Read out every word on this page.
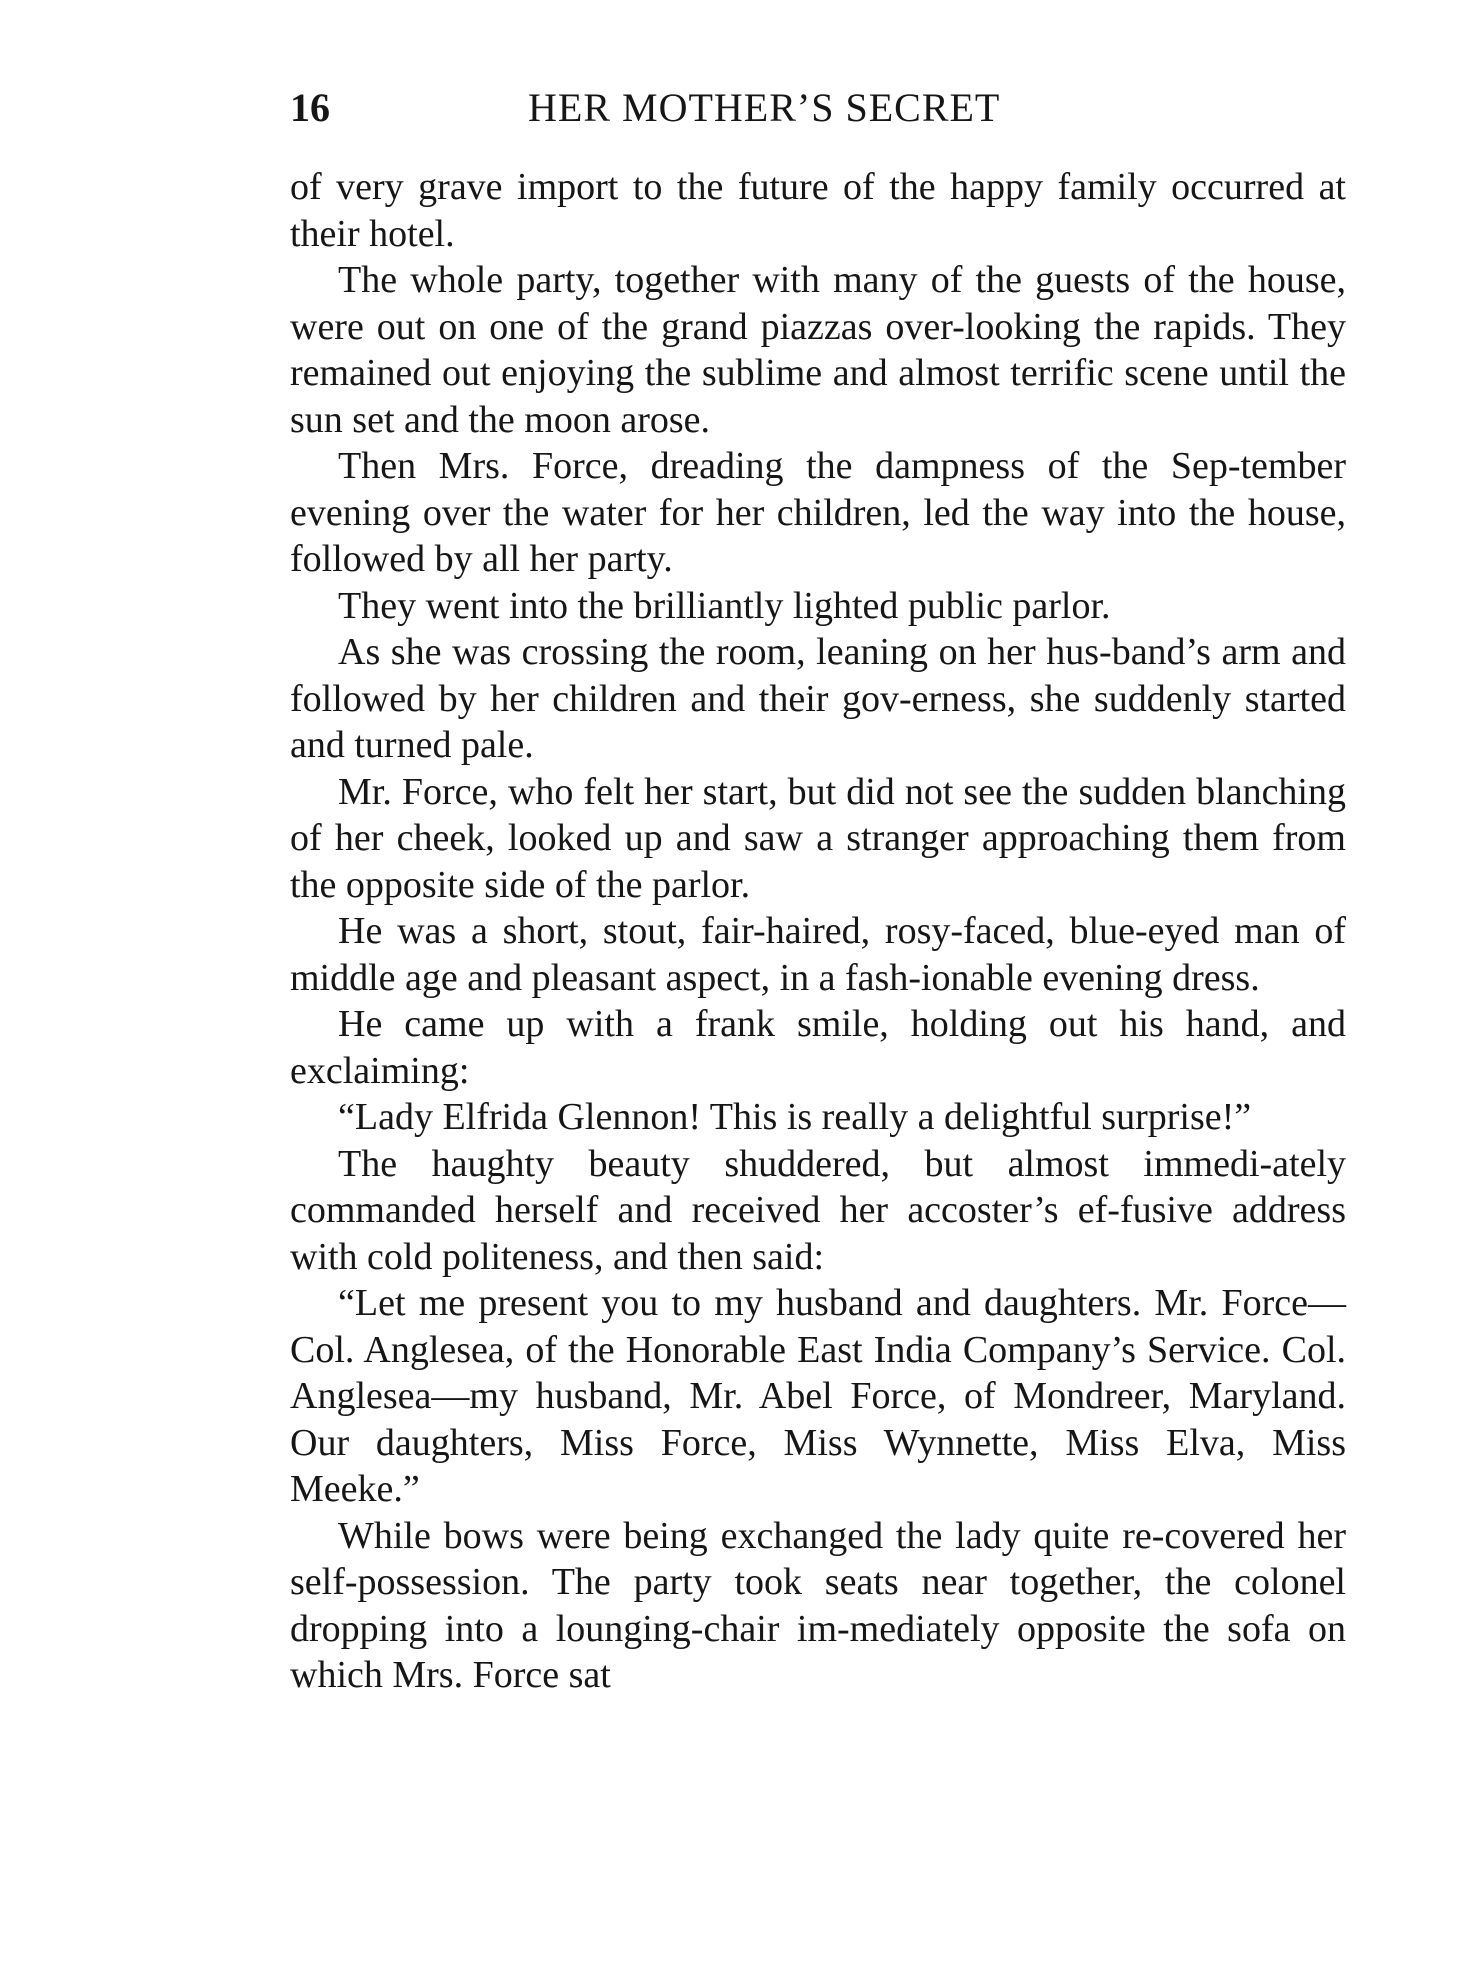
16	HER MOTHER’S SECRET

of very grave import to the future of the happy family occurred at their hotel.

The whole party, together with many of the guests of the house, were out on one of the grand piazzas over-looking the rapids. They remained out enjoying the sublime and almost terrific scene until the sun set and the moon arose.

Then Mrs. Force, dreading the dampness of the Sep-tember evening over the water for her children, led the way into the house, followed by all her party.

They went into the brilliantly lighted public parlor.

As she was crossing the room, leaning on her hus-band’s arm and followed by her children and their gov-erness, she suddenly started and turned pale.

Mr. Force, who felt her start, but did not see the sudden blanching of her cheek, looked up and saw a stranger approaching them from the opposite side of the parlor.

He was a short, stout, fair-haired, rosy-faced, blue-eyed man of middle age and pleasant aspect, in a fash-ionable evening dress.

He came up with a frank smile, holding out his hand, and exclaiming:

“Lady Elfrida Glennon! This is really a delightful surprise!”

The haughty beauty shuddered, but almost immedi-ately commanded herself and received her accoster’s ef-fusive address with cold politeness, and then said:

“Let me present you to my husband and daughters. Mr. Force—Col. Anglesea, of the Honorable East India Company’s Service. Col. Anglesea—my husband, Mr. Abel Force, of Mondreer, Maryland. Our daughters, Miss Force, Miss Wynnette, Miss Elva, Miss Meeke.”

While bows were being exchanged the lady quite re-covered her self-possession. The party took seats near together, the colonel dropping into a lounging-chair im-mediately opposite the sofa on which Mrs. Force sat
